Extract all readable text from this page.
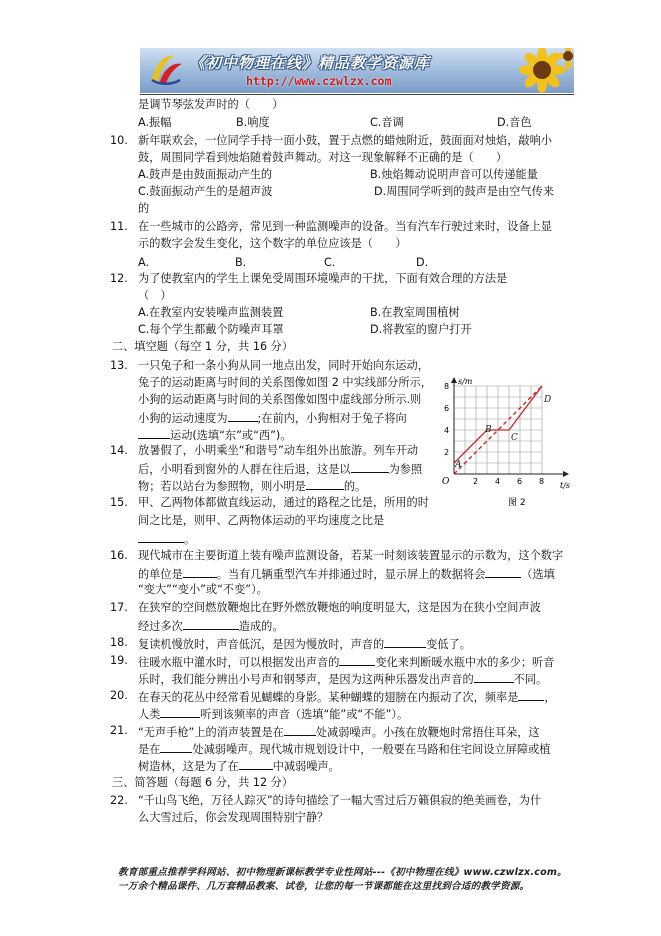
《初中物理在线》精品教学资源库
http://www.czwlzx.com
是调节琴弦发声时的（　　）
A.振幅	B.响度	C.音调	D.音色
10. 新年联欢会，一位同学手持一面小鼓，置于点燃的蜡烛附近，鼓面面对烛焰，敲响小
鼓，周围同学看到烛焰随着鼓声舞动。对这一现象解释不正确的是（　　）
A.鼓声是由鼓面振动产生的	B.烛焰舞动说明声音可以传递能量
C.鼓面振动产生的是超声波	D.周围同学听到的鼓声是由空气传来
的
11. 在一些城市的公路旁，常见到一种监测噪声的设备。当有汽车行驶过来时，设备上显
示的数字会发生变化，这个数字的单位应该是（　　）
A.	B.	C.	D.
12. 为了使教室内的学生上课免受周围环境噪声的干扰，下面有效合理的方法是
（　）
A.在教室内安装噪声监测装置	B.在教室周围植树
C.每个学生都戴个防噪声耳罩	D.将教室的窗户打开
二、填空题（每空 1 分，共 16 分）
13. 一只兔子和一条小狗从同一地点出发，同时开始向东运动，
兔子的运动距离与时间的关系图像如图 2 中实线部分所示，
小狗的运动距离与时间的关系图像如图中虚线部分所示.则
小狗的运动速度为	;在前内，小狗相对于兔子将向
运动(选填“东”或“西”)。
s/m
t/s
O	2 4 6 8
2
4
6
8
A
B
C
D
图 2
14. 放暑假了，小明乘坐“和谐号”动车组外出旅游。列车开动
后，小明看到窗外的人群在往后退，这是以	为参照
物；若以站台为参照物，则小明是	的。
15. 甲、乙两物体都做直线运动，通过的路程之比是，所用的时
间之比是，则甲、乙两物体运动的平均速度之比是
。
16. 现代城市在主要街道上装有噪声监测设备，若某一时刻该装置显示的示数为，这个数字
的单位是	。当有几辆重型汽车并排通过时，显示屏上的数据将会	（选填
“变大”“变小”或“不变”）。
17. 在狭窄的空间燃放鞭炮比在野外燃放鞭炮的响度明显大，这是因为在狭小空间声波
经过多次	造成的。
18. 复读机慢放时，声音低沉，是因为慢放时，声音的	变低了。
19. 往暖水瓶中灌水时，可以根据发出声音的	变化来判断暖水瓶中水的多少；听音
乐时，我们能分辨出小号声和钢琴声，是因为这两种乐器发出声音的	不同。
20. 在春天的花丛中经常看见蝴蝶的身影。某种蝴蝶的翅膀在内振动了次，频率是 ，
人类	听到该频率的声音（选填“能”或“不能”）。
21. “无声手枪”上的消声装置是在	处减弱噪声。小孩在放鞭炮时常捂住耳朵，这
是在	处减弱噪声。现代城市规划设计中，一般要在马路和住宅间设立屏障或植
树造林，这是为了在	中减弱噪声。
三、简答题（每题 6 分，共 12 分）
22. “千山鸟飞绝，万径人踪灭”的诗句描绘了一幅大雪过后万籁俱寂的绝美画卷，为什
么大雪过后，你会发现周围特别宁静？
教育部重点推荐学科网站、初中物理新课标教学专业性网站---《初中物理在线》www.czwlzx.com。一万余个精品课件、几万套精品教案、试卷，让您的每一节课都能在这里找到合适的教学资源。
